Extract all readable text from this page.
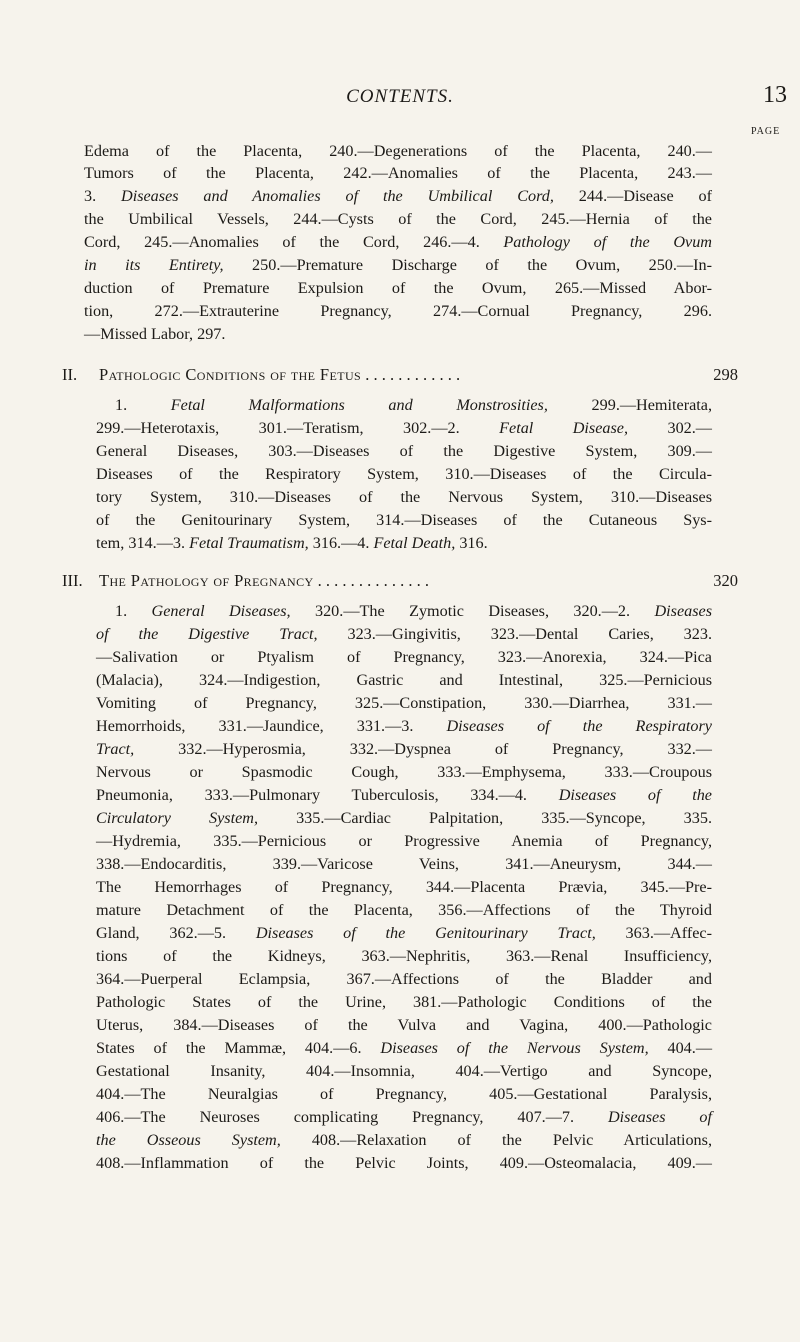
CONTENTS.	13
PAGE
Edema of the Placenta, 240.—Degenerations of the Placenta, 240.—
Tumors of the Placenta, 242.—Anomalies of the Placenta, 243.—
3. Diseases and Anomalies of the Umbilical Cord, 244.—Disease of
the Umbilical Vessels, 244.—Cysts of the Cord, 245.—Hernia of the
Cord, 245.—Anomalies of the Cord, 246.—4. Pathology of the Ovum
in its Entirety, 250.—Premature Discharge of the Ovum, 250.—In-
duction of Premature Expulsion of the Ovum, 265.—Missed Abor-
tion, 272.—Extrauterine Pregnancy, 274.—Cornual Pregnancy, 296.
—Missed Labor, 297.
II. Pathologic Conditions of the Fetus . . . . . . . . . . . .	298
1. Fetal Malformations and Monstrosities, 299.—Hemiterata,
299.—Heterotaxis, 301.—Teratism, 302.—2. Fetal Disease, 302.—
General Diseases, 303.—Diseases of the Digestive System, 309.—
Diseases of the Respiratory System, 310.—Diseases of the Circula-
tory System, 310.—Diseases of the Nervous System, 310.—Diseases
of the Genitourinary System, 314.—Diseases of the Cutaneous Sys-
tem, 314.—3. Fetal Traumatism, 316.—4. Fetal Death, 316.
III. The Pathology of Pregnancy . . . . . . . . . . . . . .	320
1. General Diseases, 320.—The Zymotic Diseases, 320.—2. Diseases
of the Digestive Tract, 323.—Gingivitis, 323.—Dental Caries, 323.
—Salivation or Ptyalism of Pregnancy, 323.—Anorexia, 324.—Pica
(Malacia), 324.—Indigestion, Gastric and Intestinal, 325.—Pernicious
Vomiting of Pregnancy, 325.—Constipation, 330.—Diarrhea, 331.—
Hemorrhoids, 331.—Jaundice, 331.—3. Diseases of the Respiratory
Tract, 332.—Hyperosmia, 332.—Dyspnea of Pregnancy, 332.—
Nervous or Spasmodic Cough, 333.—Emphysema, 333.—Croupous
Pneumonia, 333.—Pulmonary Tuberculosis, 334.—4. Diseases of the
Circulatory System, 335.—Cardiac Palpitation, 335.—Syncope, 335.
—Hydremia, 335.—Pernicious or Progressive Anemia of Pregnancy,
338.—Endocarditis, 339.—Varicose Veins, 341.—Aneurysm, 344.—
The Hemorrhages of Pregnancy, 344.—Placenta Prævia, 345.—Pre-
mature Detachment of the Placenta, 356.—Affections of the Thyroid
Gland, 362.—5. Diseases of the Genitourinary Tract, 363.—Affec-
tions of the Kidneys, 363.—Nephritis, 363.—Renal Insufficiency,
364.—Puerperal Eclampsia, 367.—Affections of the Bladder and
Pathologic States of the Urine, 381.—Pathologic Conditions of the
Uterus, 384.—Diseases of the Vulva and Vagina, 400.—Pathologic
States of the Mammæ, 404.—6. Diseases of the Nervous System, 404.—
Gestational Insanity, 404.—Insomnia, 404.—Vertigo and Syncope,
404.—The Neuralgias of Pregnancy, 405.—Gestational Paralysis,
406.—The Neuroses complicating Pregnancy, 407.—7. Diseases of
the Osseous System, 408.—Relaxation of the Pelvic Articulations,
408.—Inflammation of the Pelvic Joints, 409.—Osteomalacia, 409.—
